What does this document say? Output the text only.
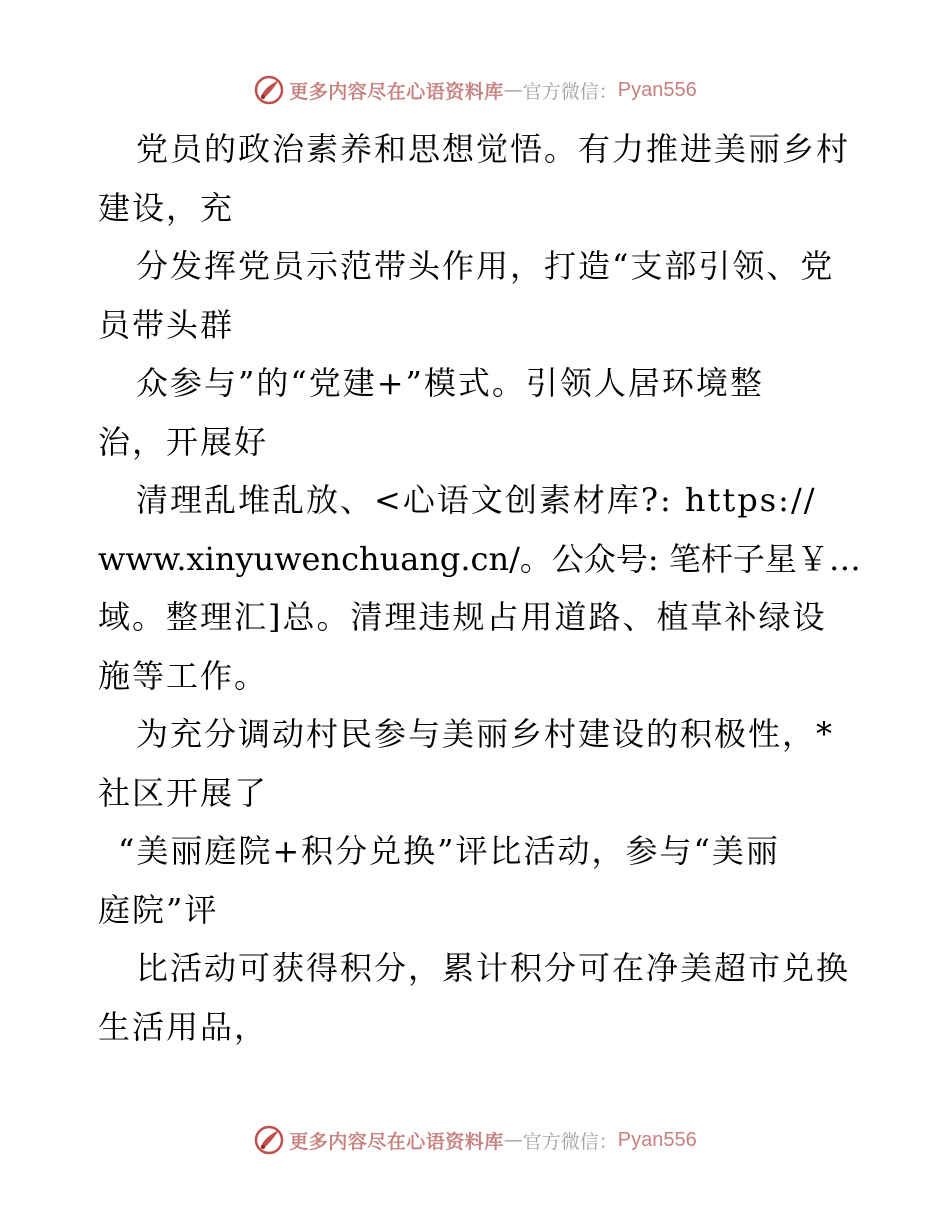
更多内容尽在心语资料库 — 官方微信： Pyan556
党员的政治素养和思想觉悟。有力推进美丽乡村
建设，充
分发挥党员示范带头作用，打造“支部引领、党
员带头群
众参与”的“党建+”模式。引领人居环境整
治，开展好
清理乱堆乱放、<心语文创素材库?: https://
www.xinyuwenchuang.cn/。公众号: 笔杆子星￥…
域。整理汇]总。清理违规占用道路、植草补绿设
施等工作。
为充分调动村民参与美丽乡村建设的积极性，*
社区开展了
“美丽庭院+积分兑换”评比活动，参与“美丽
庭院”评
比活动可获得积分，累计积分可在净美超市兑换
生活用品，
更多内容尽在心语资料库 — 官方微信： Pyan556
